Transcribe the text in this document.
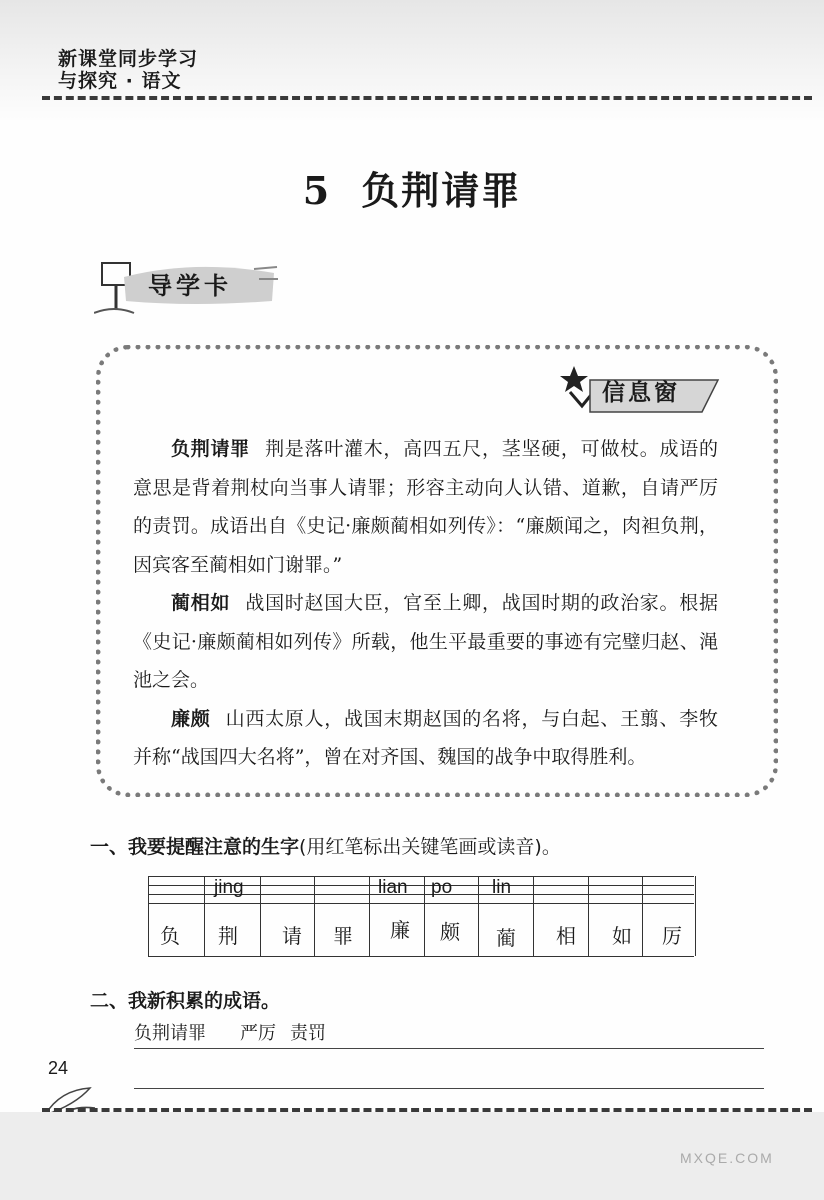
新课堂同步学习
与探究 · 语文
5 负荆请罪
导学卡
信息窗

负荆请罪 荆是落叶灌木，高四五尺，茎坚硬，可做杖。成语的意思是背着荆杖向当事人请罪；形容主动向人认错、道歉，自请严厉的责罚。成语出自《史记·廉颇蔺相如列传》：“廉颇闻之，肉袒负荆，因宾客至蔺相如门谢罪。”

蔺相如 战国时赵国大臣，官至上卿，战国时期的政治家。根据《史记·廉颇蔺相如列传》所载，他生平最重要的事迹有完璧归赵、渑池之会。

廉颇 山西太原人，战国末期赵国的名将，与白起、王翦、李牧并称“战国四大名将”，曾在对齐国、魏国的战争中取得胜利。

一、我要提醒注意的生字(用红笔标出关键笔画或读音)。
jing	lian po lin
负 荆 请 罪 廉 颇 蔺 相 如 厉
二、我新积累的成语。
负荆请罪 严厉 责罚
24
MXQE.COM
